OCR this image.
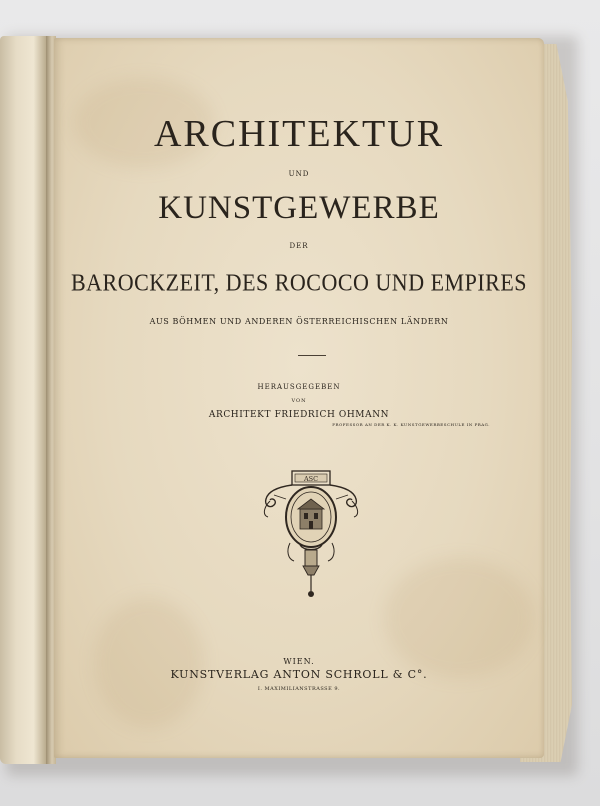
ARCHITEKTUR
UND
KUNSTGEWERBE
DER
BAROCKZEIT, DES ROCOCO UND EMPIRES
AUS BÖHMEN UND ANDEREN ÖSTERREICHISCHEN LÄNDERN
HERAUSGEGEBEN
VON
ARCHITEKT FRIEDRICH OHMANN
PROFESSOR AN DER K. K. KUNSTGEWERBESCHULE IN PRAG.
ASC
WIEN.
KUNSTVERLAG ANTON SCHROLL & C°.
I. MAXIMILIANSTRASSE 9.
